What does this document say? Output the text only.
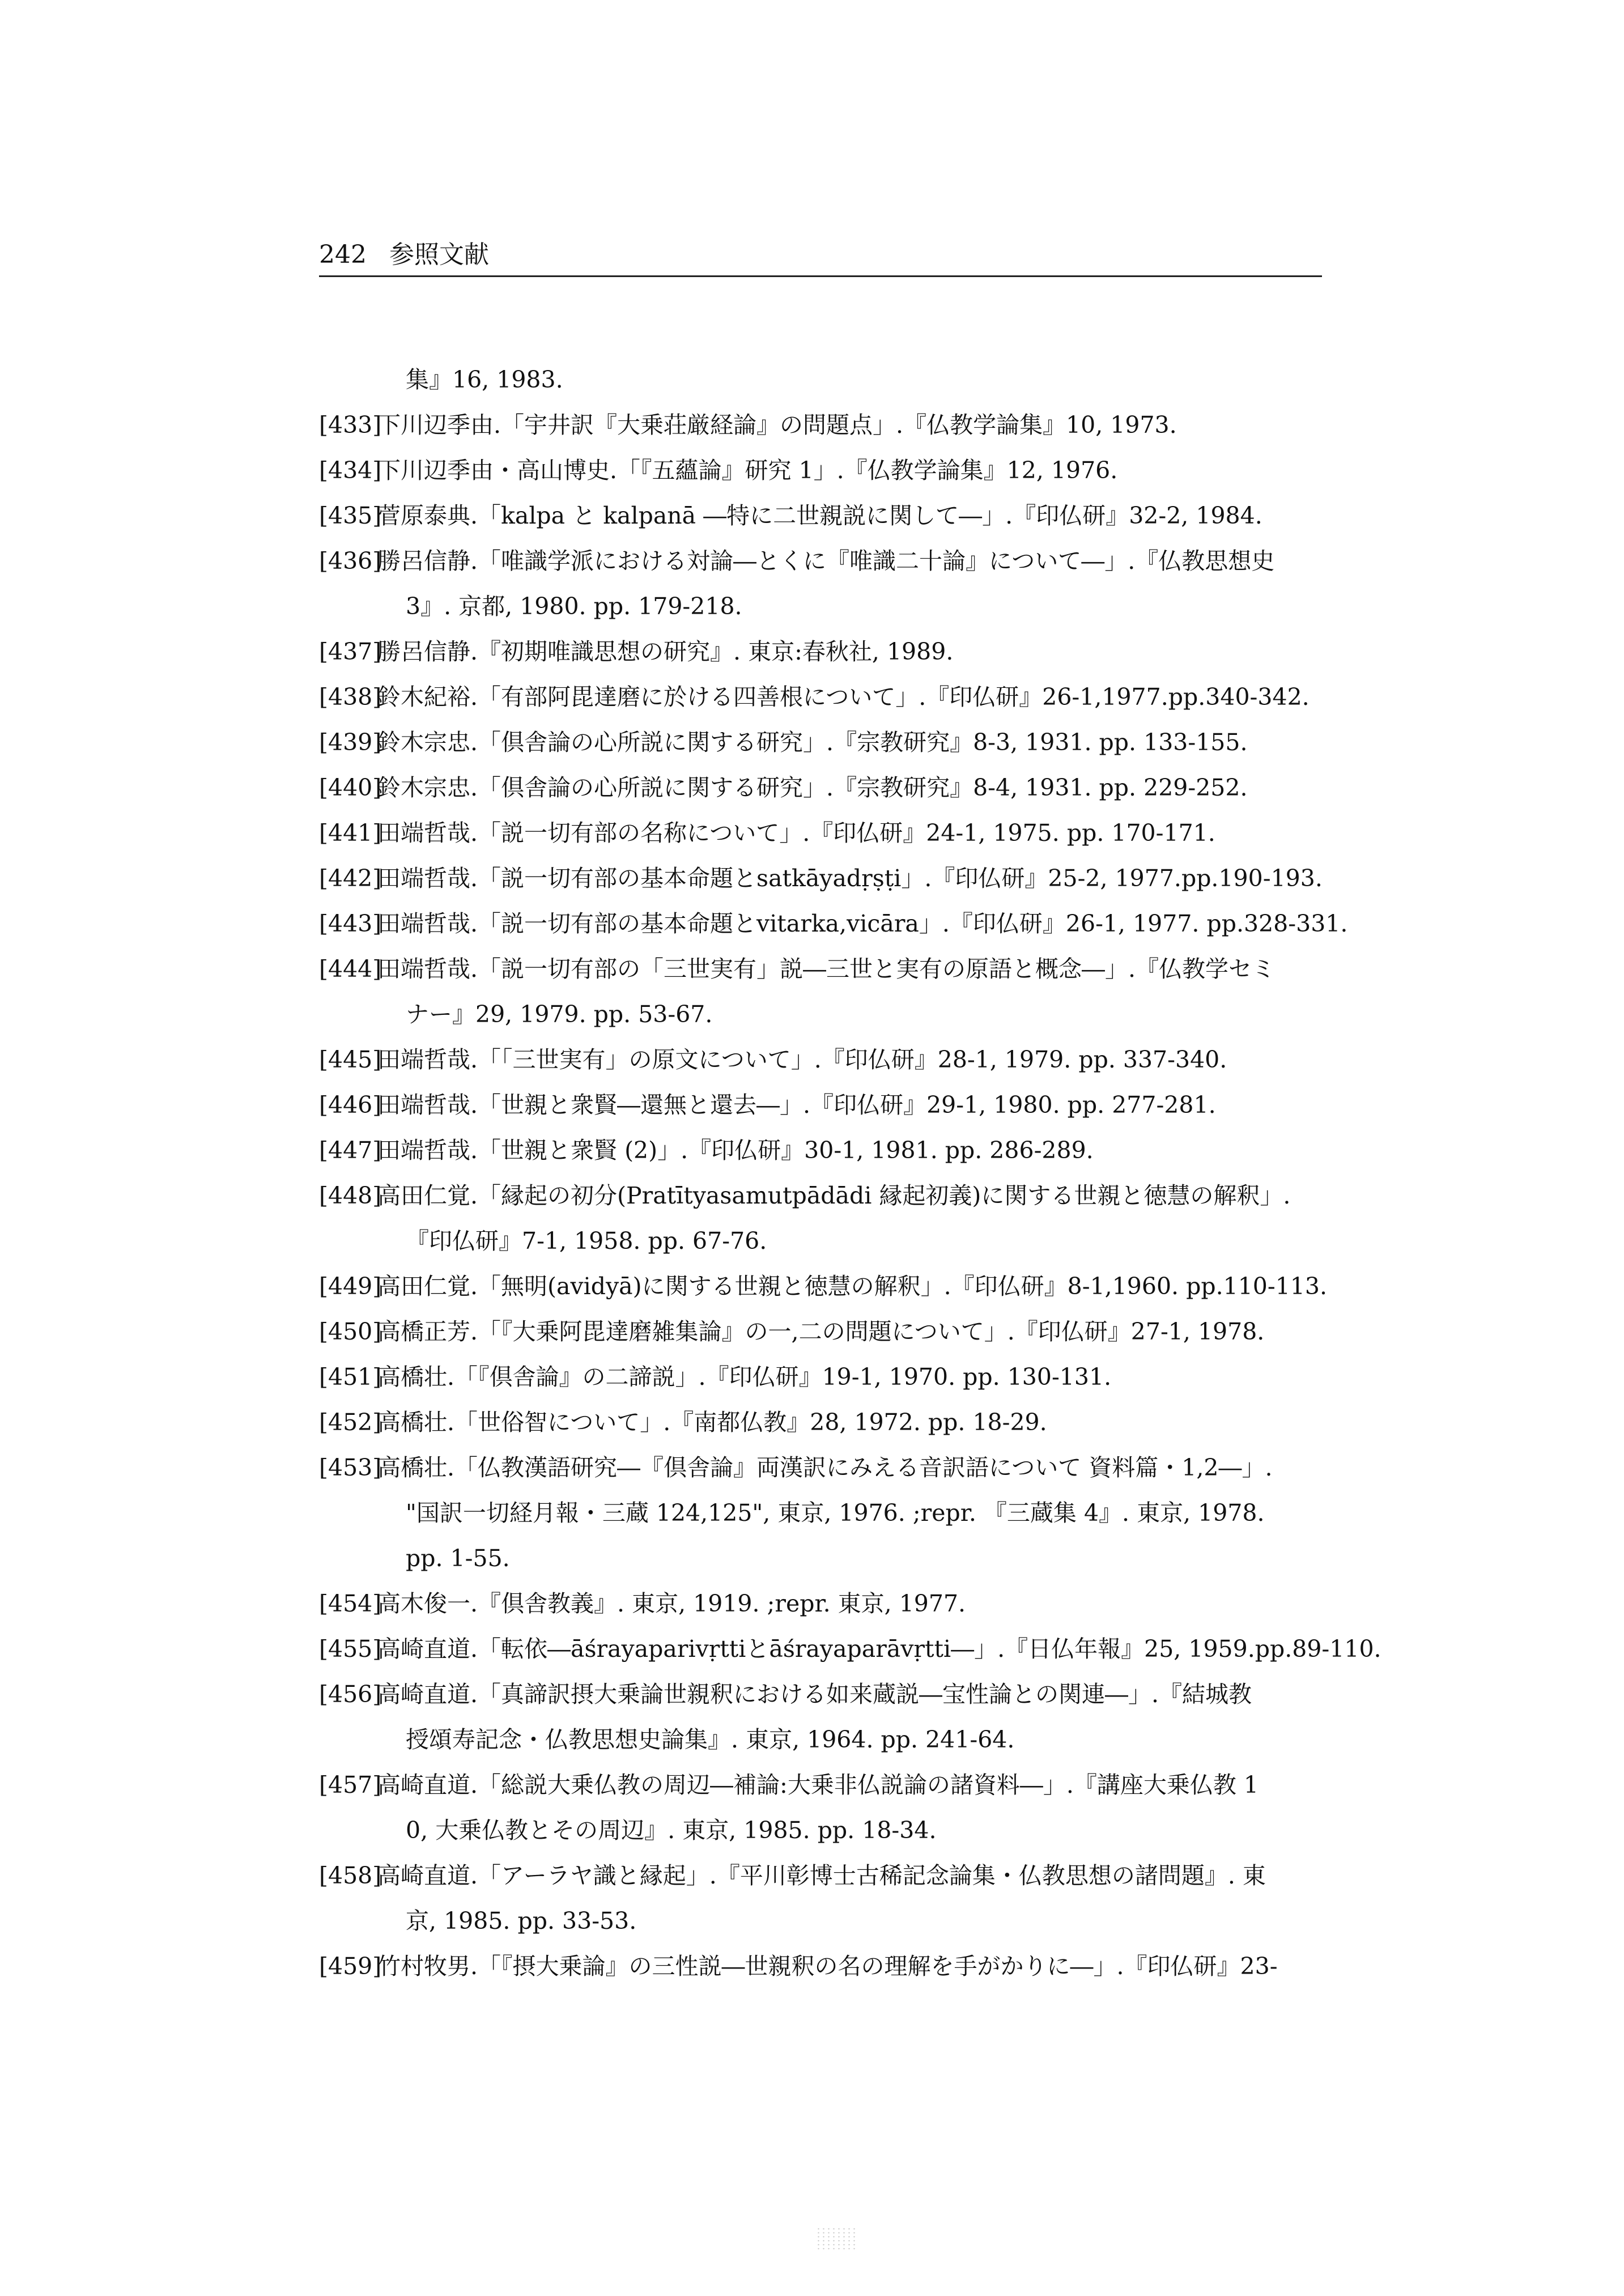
242 参照文献
集』16, 1983.
[433]下川辺季由.「宇井訳『大乗荘厳経論』の問題点」.『仏教学論集』10, 1973.
[434]下川辺季由・高山博史.「『五蘊論』研究 1」.『仏教学論集』12, 1976.
[435]菅原泰典.「kalpa と kalpanā ―特に二世親説に関して―」.『印仏研』32-2, 1984.
[436]勝呂信静.「唯識学派における対論―とくに『唯識二十論』について―」.『仏教思想史
3』. 京都, 1980. pp. 179-218.
[437]勝呂信静.『初期唯識思想の研究』. 東京:春秋社, 1989.
[438]鈴木紀裕.「有部阿毘達磨に於ける四善根について」.『印仏研』26-1,1977.pp.340-342.
[439]鈴木宗忠.「倶舎論の心所説に関する研究」.『宗教研究』8-3, 1931. pp. 133-155.
[440]鈴木宗忠.「倶舎論の心所説に関する研究」.『宗教研究』8-4, 1931. pp. 229-252.
[441]田端哲哉.「説一切有部の名称について」.『印仏研』24-1, 1975. pp. 170-171.
[442]田端哲哉.「説一切有部の基本命題とsatkāyadṛṣṭi」.『印仏研』25-2, 1977.pp.190-193.
[443]田端哲哉.「説一切有部の基本命題とvitarka,vicāra」.『印仏研』26-1, 1977. pp.328-331.
[444]田端哲哉.「説一切有部の「三世実有」説―三世と実有の原語と概念―」.『仏教学セミ
ナー』29, 1979. pp. 53-67.
[445]田端哲哉.「「三世実有」の原文について」.『印仏研』28-1, 1979. pp. 337-340.
[446]田端哲哉.「世親と衆賢―還無と還去―」.『印仏研』29-1, 1980. pp. 277-281.
[447]田端哲哉.「世親と衆賢 (2)」.『印仏研』30-1, 1981. pp. 286-289.
[448]高田仁覚.「縁起の初分(Pratītyasamutpādādi 縁起初義)に関する世親と徳慧の解釈」.
『印仏研』7-1, 1958. pp. 67-76.
[449]高田仁覚.「無明(avidyā)に関する世親と徳慧の解釈」.『印仏研』8-1,1960. pp.110-113.
[450]高橋正芳.「『大乗阿毘達磨雑集論』の一,二の問題について」.『印仏研』27-1, 1978.
[451]高橋壮.「『倶舎論』の二諦説」.『印仏研』19-1, 1970. pp. 130-131.
[452]高橋壮.「世俗智について」.『南都仏教』28, 1972. pp. 18-29.
[453]高橋壮.「仏教漢語研究―『倶舎論』両漢訳にみえる音訳語について 資料篇・1,2―」.
"国訳一切経月報・三蔵 124,125", 東京, 1976. ;repr. 『三蔵集 4』. 東京, 1978.
pp. 1-55.
[454]高木俊一.『倶舎教義』. 東京, 1919. ;repr. 東京, 1977.
[455]高崎直道.「転依―āśrayaparivṛttiとāśrayaparāvṛtti―」.『日仏年報』25, 1959.pp.89-110.
[456]高崎直道.「真諦訳摂大乗論世親釈における如来蔵説―宝性論との関連―」.『結城教
授頌寿記念・仏教思想史論集』. 東京, 1964. pp. 241-64.
[457]高崎直道.「総説大乗仏教の周辺―補論:大乗非仏説論の諸資料―」.『講座大乗仏教 1
0, 大乗仏教とその周辺』. 東京, 1985. pp. 18-34.
[458]高崎直道.「アーラヤ識と縁起」.『平川彰博士古稀記念論集・仏教思想の諸問題』. 東
京, 1985. pp. 33-53.
[459]竹村牧男.「『摂大乗論』の三性説―世親釈の名の理解を手がかりに―」.『印仏研』23-
